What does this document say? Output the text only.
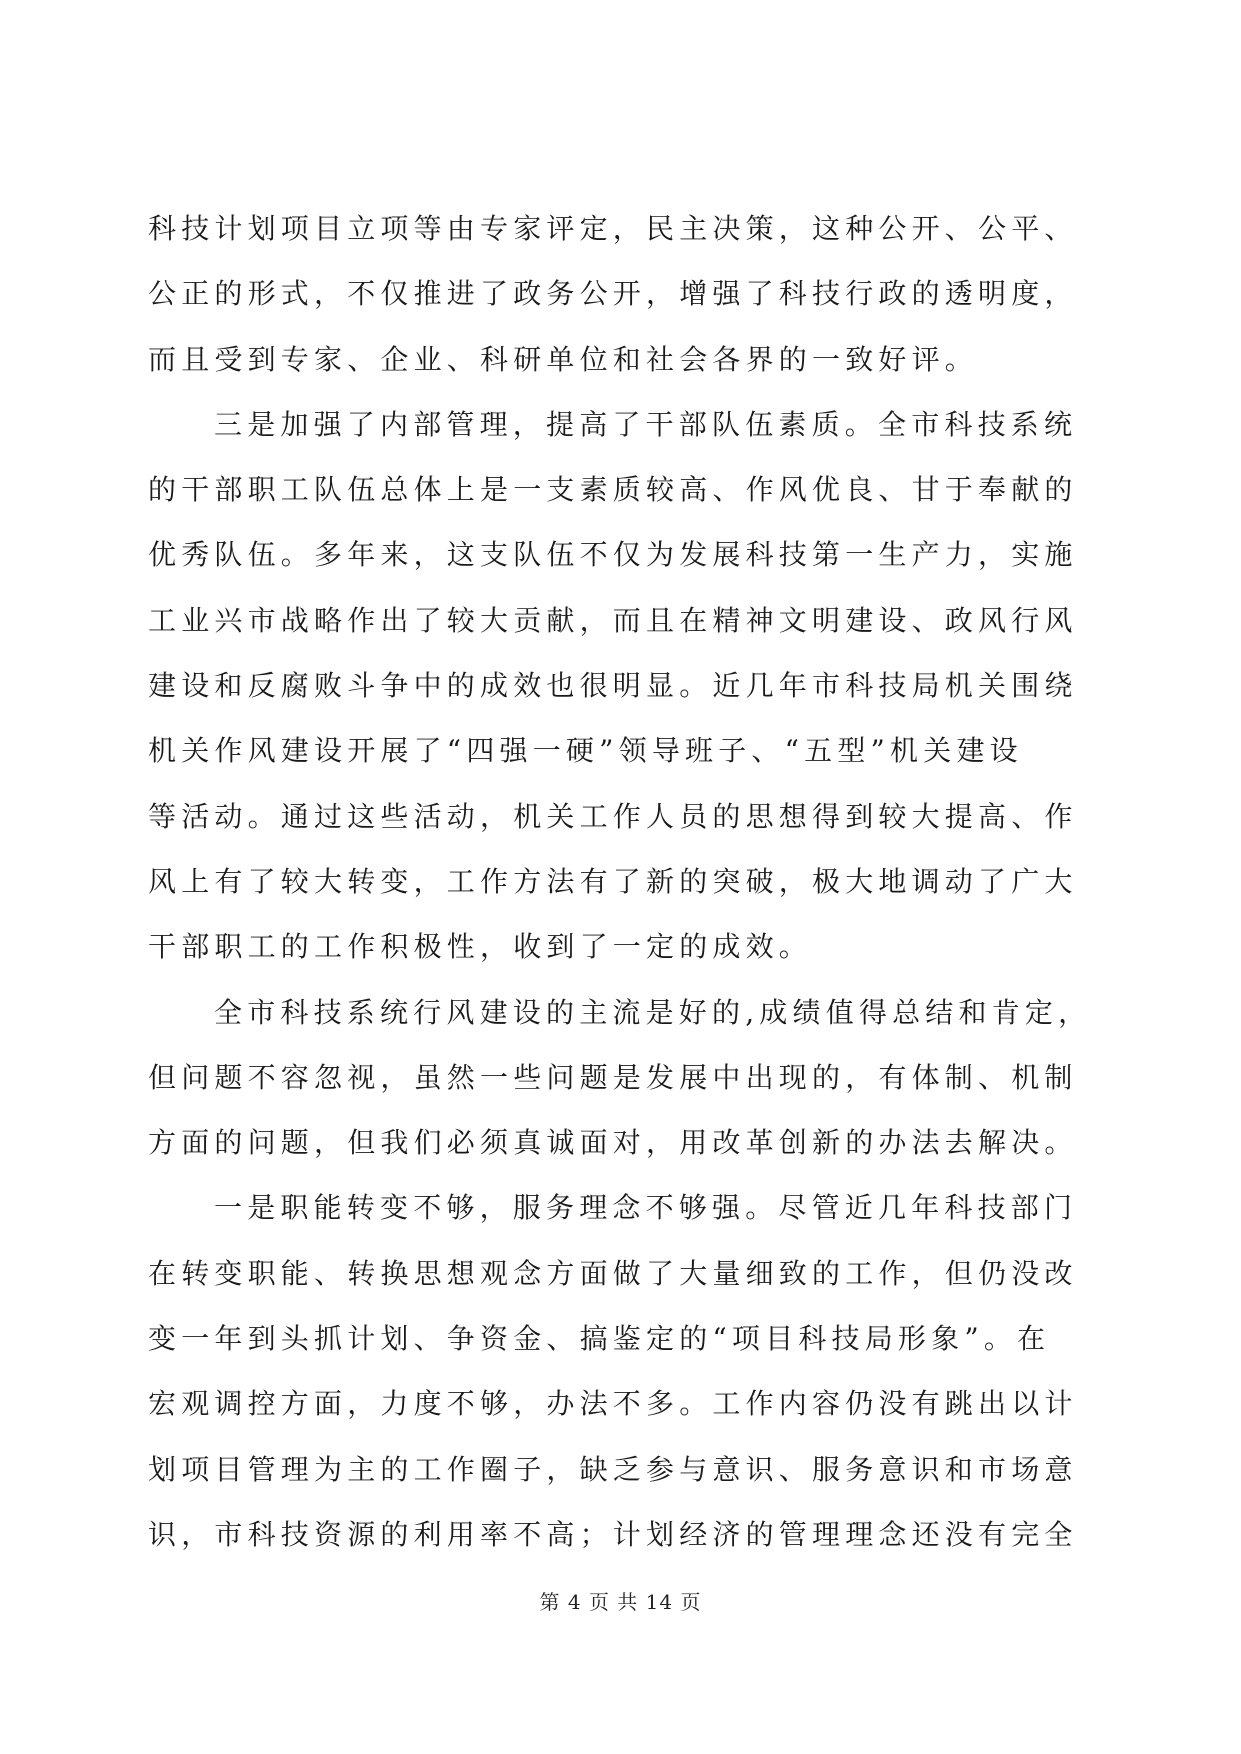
科技计划项目立项等由专家评定，民主决策，这种公开、公平、
公正的形式，不仅推进了政务公开，增强了科技行政的透明度，
而且受到专家、企业、科研单位和社会各界的一致好评。
三是加强了内部管理，提高了干部队伍素质。全市科技系统
的干部职工队伍总体上是一支素质较高、作风优良、甘于奉献的
优秀队伍。多年来，这支队伍不仅为发展科技第一生产力，实施
工业兴市战略作出了较大贡献，而且在精神文明建设、政风行风
建设和反腐败斗争中的成效也很明显。近几年市科技局机关围绕
机关作风建设开展了“四强一硬”领导班子、“五型”机关建设
等活动。通过这些活动，机关工作人员的思想得到较大提高、作
风上有了较大转变，工作方法有了新的突破，极大地调动了广大
干部职工的工作积极性，收到了一定的成效。
全市科技系统行风建设的主流是好的,成绩值得总结和肯定，
但问题不容忽视，虽然一些问题是发展中出现的，有体制、机制
方面的问题，但我们必须真诚面对，用改革创新的办法去解决。
一是职能转变不够，服务理念不够强。尽管近几年科技部门
在转变职能、转换思想观念方面做了大量细致的工作，但仍没改
变一年到头抓计划、争资金、搞鉴定的“项目科技局形象”。在
宏观调控方面，力度不够，办法不多。工作内容仍没有跳出以计
划项目管理为主的工作圈子，缺乏参与意识、服务意识和市场意
识，市科技资源的利用率不高；计划经济的管理理念还没有完全
第 4 页 共 14 页
